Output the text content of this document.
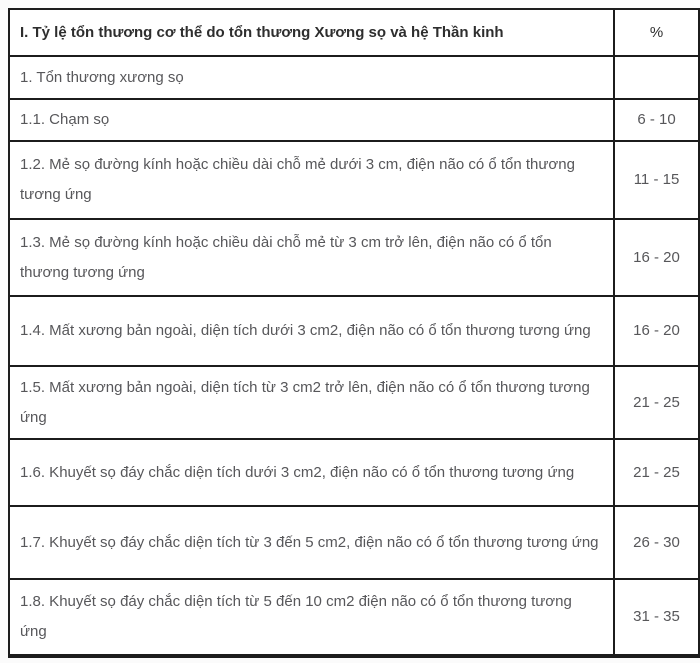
I. Tỷ lệ tổn thương cơ thể do tổn thương Xương sọ và hệ Thần kinh	%
1. Tổn thương xương sọ	
1.1. Chạm sọ	6 - 10
1.2. Mẻ sọ đường kính hoặc chiều dài chỗ mẻ dưới 3 cm, điện não có ổ tổn thương tương ứng	11 - 15
1.3. Mẻ sọ đường kính hoặc chiều dài chỗ mẻ từ 3 cm trở lên, điện não có ổ tổn thương tương ứng	16 - 20
1.4. Mất xương bản ngoài, diện tích dưới 3 cm2, điện não có ổ tổn thương tương ứng	16 - 20
1.5. Mất xương bản ngoài, diện tích từ 3 cm2 trở lên, điện não có ổ tổn thương tương ứng	21 - 25
1.6. Khuyết sọ đáy chắc diện tích dưới 3 cm2, điện não có ổ tổn thương tương ứng	21 - 25
1.7. Khuyết sọ đáy chắc diện tích từ 3 đến 5 cm2, điện não có ổ tổn thương tương ứng	26 - 30
1.8. Khuyết sọ đáy chắc diện tích từ 5 đến 10 cm2 điện não có ổ tổn thương tương ứng	31 - 35
